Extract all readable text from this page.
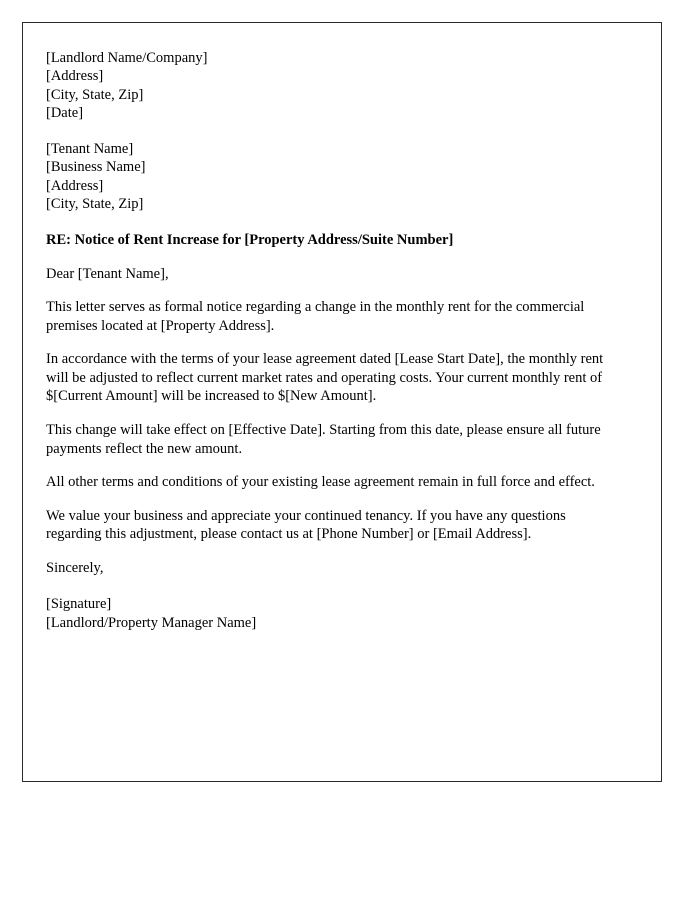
[Landlord Name/Company]
[Address]
[City, State, Zip]
[Date]
[Tenant Name]
[Business Name]
[Address]
[City, State, Zip]

RE: Notice of Rent Increase for [Property Address/Suite Number]

Dear [Tenant Name],

This letter serves as formal notice regarding a change in the monthly rent for the commercial premises located at [Property Address].

In accordance with the terms of your lease agreement dated [Lease Start Date], the monthly rent will be adjusted to reflect current market rates and operating costs. Your current monthly rent of $[Current Amount] will be increased to $[New Amount].

This change will take effect on [Effective Date]. Starting from this date, please ensure all future payments reflect the new amount.

All other terms and conditions of your existing lease agreement remain in full force and effect.

We value your business and appreciate your continued tenancy. If you have any questions regarding this adjustment, please contact us at [Phone Number] or [Email Address].

Sincerely,

[Signature]
[Landlord/Property Manager Name]
